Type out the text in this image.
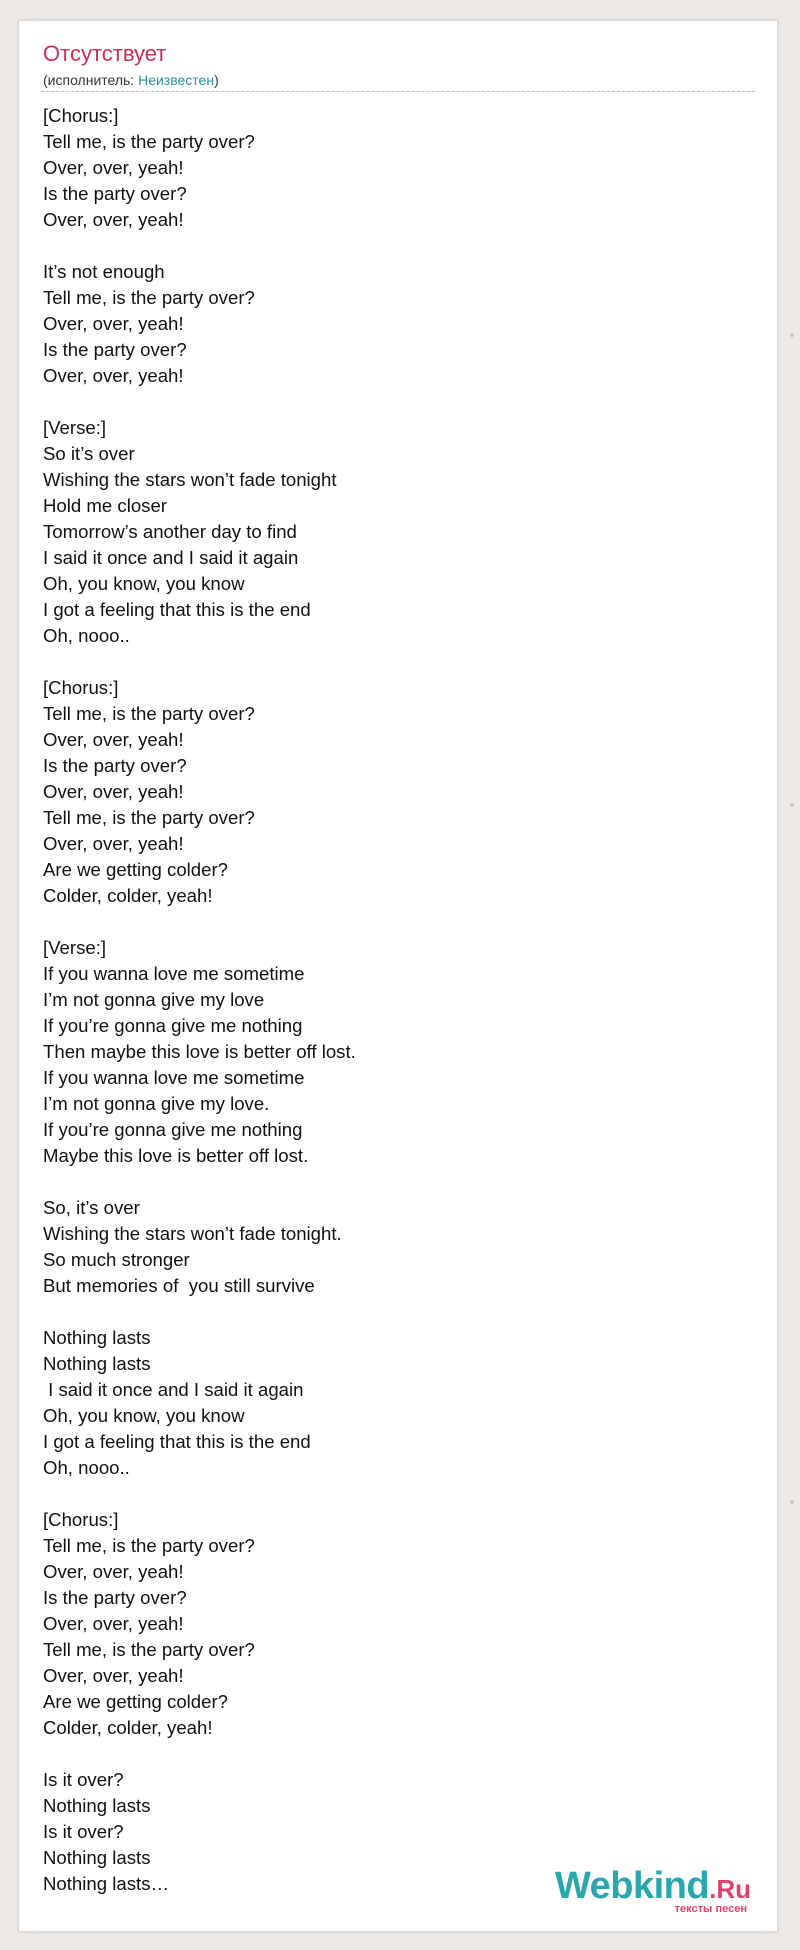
Отсутствует
(исполнитель: Неизвестен)
[Chorus:]
Tell me, is the party over?
Over, over, yeah!
Is the party over?
Over, over, yeah!
It’s not enough
Tell me, is the party over?
Over, over, yeah!
Is the party over?
Over, over, yeah!
[Verse:]
So it’s over
Wishing the stars won’t fade tonight
Hold me closer
Tomorrow’s another day to find
I said it once and I said it again
Oh, you know, you know
I got a feeling that this is the end
Oh, nooo..
[Chorus:]
Tell me, is the party over?
Over, over, yeah!
Is the party over?
Over, over, yeah!
Tell me, is the party over?
Over, over, yeah!
Are we getting colder?
Colder, colder, yeah!
[Verse:]
If you wanna love me sometime
I’m not gonna give my love
If you’re gonna give me nothing
Then maybe this love is better off lost.
If you wanna love me sometime
I’m not gonna give my love.
If you’re gonna give me nothing
Maybe this love is better off lost.
So, it’s over
Wishing the stars won’t fade tonight.
So much stronger
But memories of  you still survive
Nothing lasts
Nothing lasts
I said it once and I said it again
Oh, you know, you know
I got a feeling that this is the end
Oh, nooo..
[Chorus:]
Tell me, is the party over?
Over, over, yeah!
Is the party over?
Over, over, yeah!
Tell me, is the party over?
Over, over, yeah!
Are we getting colder?
Colder, colder, yeah!
Is it over?
Nothing lasts
Is it over?
Nothing lasts
Nothing lasts…	Webkind.Ru
тексты песен
